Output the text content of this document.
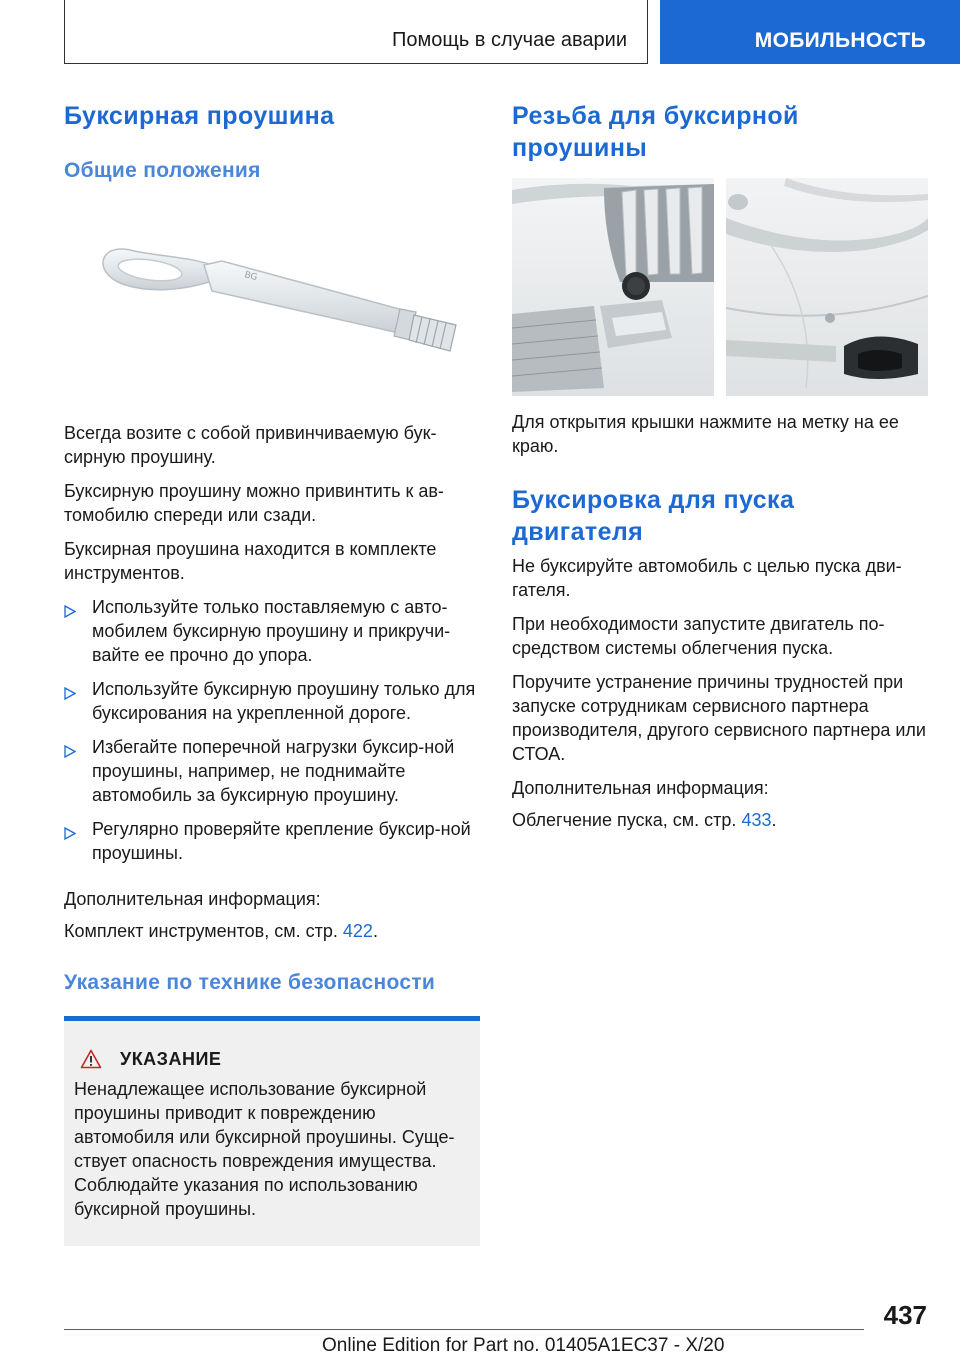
Помощь в случае аварии	МОБИЛЬНОСТЬ
Буксирная проушина
Общие положения
BG

Всегда возите с собой привинчиваемую бук‐сирную проушину.

Буксирную проушину можно привинтить к ав‐томобилю спереди или сзади.

Буксирная проушина находится в комплекте инструментов.

Используйте только поставляемую с авто‐мобилем буксирную проушину и прикручи‐вайте ее прочно до упора.
Используйте буксирную проушину только для буксирования на укрепленной дороге.
Избегайте поперечной нагрузки буксир‐ной проушины, например, не поднимайте автомобиль за буксирную проушину.
Регулярно проверяйте крепление буксир‐ной проушины.

Дополнительная информация:

Комплект инструментов, см. стр. 422.

Указание по технике безопасности
УКАЗАНИЕ

Ненадлежащее использование буксирной проушины приводит к повреждению автомобиля или буксирной проушины. Суще‐ствует опасность повреждения имущества. Соблюдайте указания по использованию буксирной проушины.

Резьба для буксирной проушины

Для открытия крышки нажмите на метку на ее краю.

Буксировка для пуска двигателя

Не буксируйте автомобиль с целью пуска дви‐гателя.

При необходимости запустите двигатель по‐средством системы облегчения пуска.

Поручите устранение причины трудностей при запуске сотрудникам сервисного партнера производителя, другого сервисного партнера или СТОА.

Дополнительная информация:

Облегчение пуска, см. стр. 433.

437
Online Edition for Part no. 01405A1EC37 - X/20
